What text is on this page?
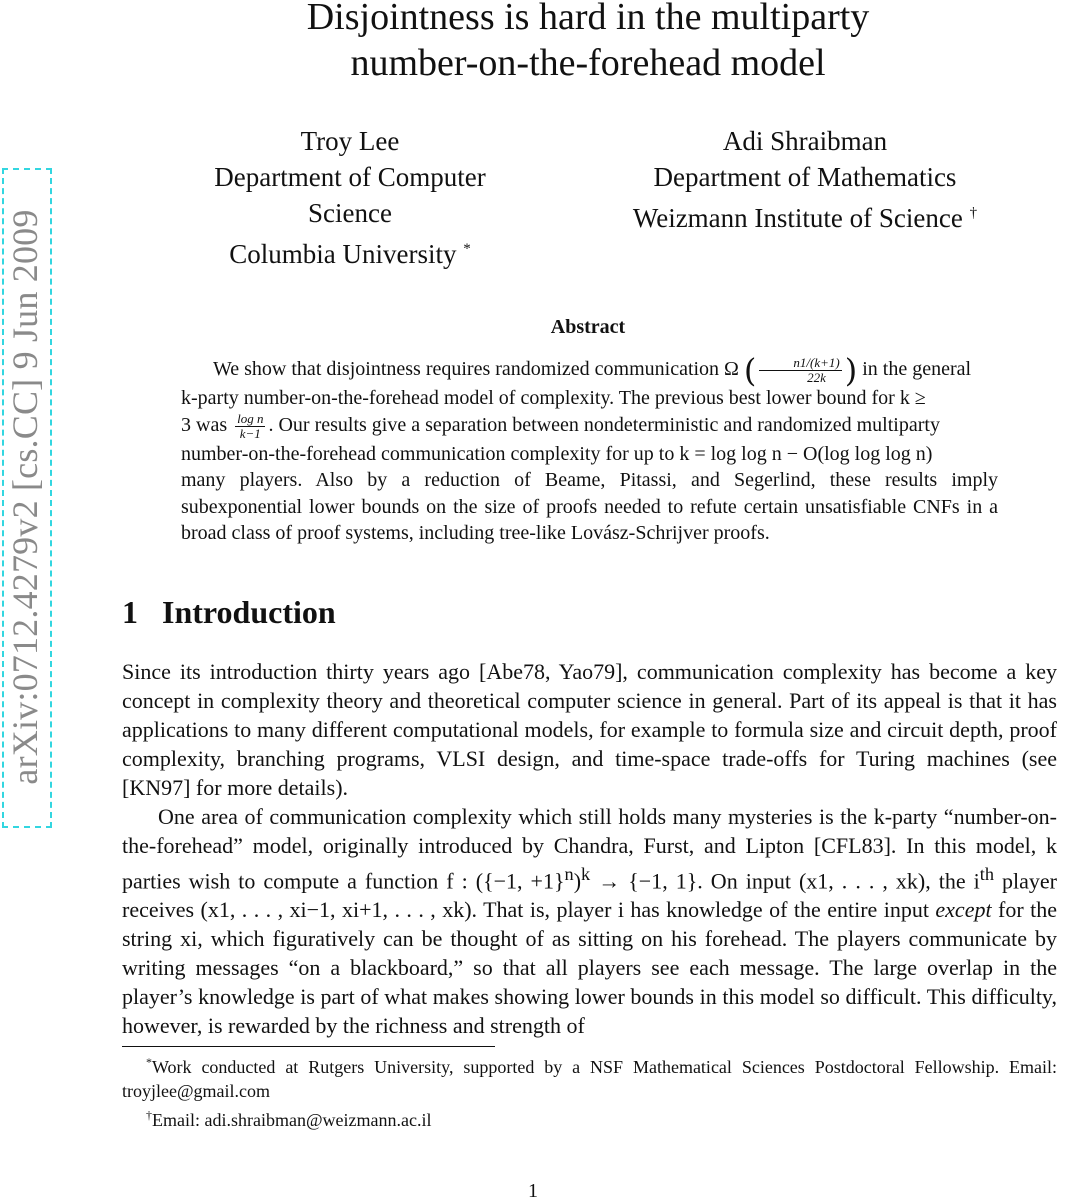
arXiv:0712.4279v2 [cs.CC] 9 Jun 2009
Disjointness is hard in the multiparty
number-on-the-forehead model
Troy Lee
Department of Computer Science
Columbia University *
Adi Shraibman
Department of Mathematics
Weizmann Institute of Science †
Abstract
We show that disjointness requires randomized communication Ω ( $\frac{n1/(k+1)}{22k}$ ) in the general
k-party number-on-the-forehead model of complexity. The previous best lower bound for k ≥
3 was $\frac{\text{log n}}{k-1}$ . Our results give a separation between nondeterministic and randomized multiparty
number-on-the-forehead communication complexity for up to k = log log n − O(log log log n)
many players. Also by a reduction of Beame, Pitassi, and Segerlind, these results imply subexponential lower bounds on the size of proofs needed to refute certain unsatisfiable CNFs in a broad class of proof systems, including tree-like Lovász-Schrijver proofs.
1 Introduction

Since its introduction thirty years ago [Abe78, Yao79], communication complexity has become a key concept in complexity theory and theoretical computer science in general. Part of its appeal is that it has applications to many different computational models, for example to formula size and circuit depth, proof complexity, branching programs, VLSI design, and time-space trade-offs for Turing machines (see [KN97] for more details).

One area of communication complexity which still holds many mysteries is the k-party “number-on-the-forehead” model, originally introduced by Chandra, Furst, and Lipton [CFL83]. In this model, k parties wish to compute a function f : ({−1, +1}$^n$)$^k$ → {−1, 1}. On input (x1, . . . , xk), the $i^{th}$ player receives (x1, . . . , xi−1, xi+1, . . . , xk). That is, player i has knowledge of the entire input except for the string xi, which figuratively can be thought of as sitting on his forehead. The players communicate by writing messages “on a blackboard,” so that all players see each message. The large overlap in the player’s knowledge is part of what makes showing lower bounds in this model so difficult. This difficulty, however, is rewarded by the richness and strength of

*Work conducted at Rutgers University, supported by a NSF Mathematical Sciences Postdoctoral Fellowship. Email: troyjlee@gmail.com

†Email: adi.shraibman@weizmann.ac.il

1
